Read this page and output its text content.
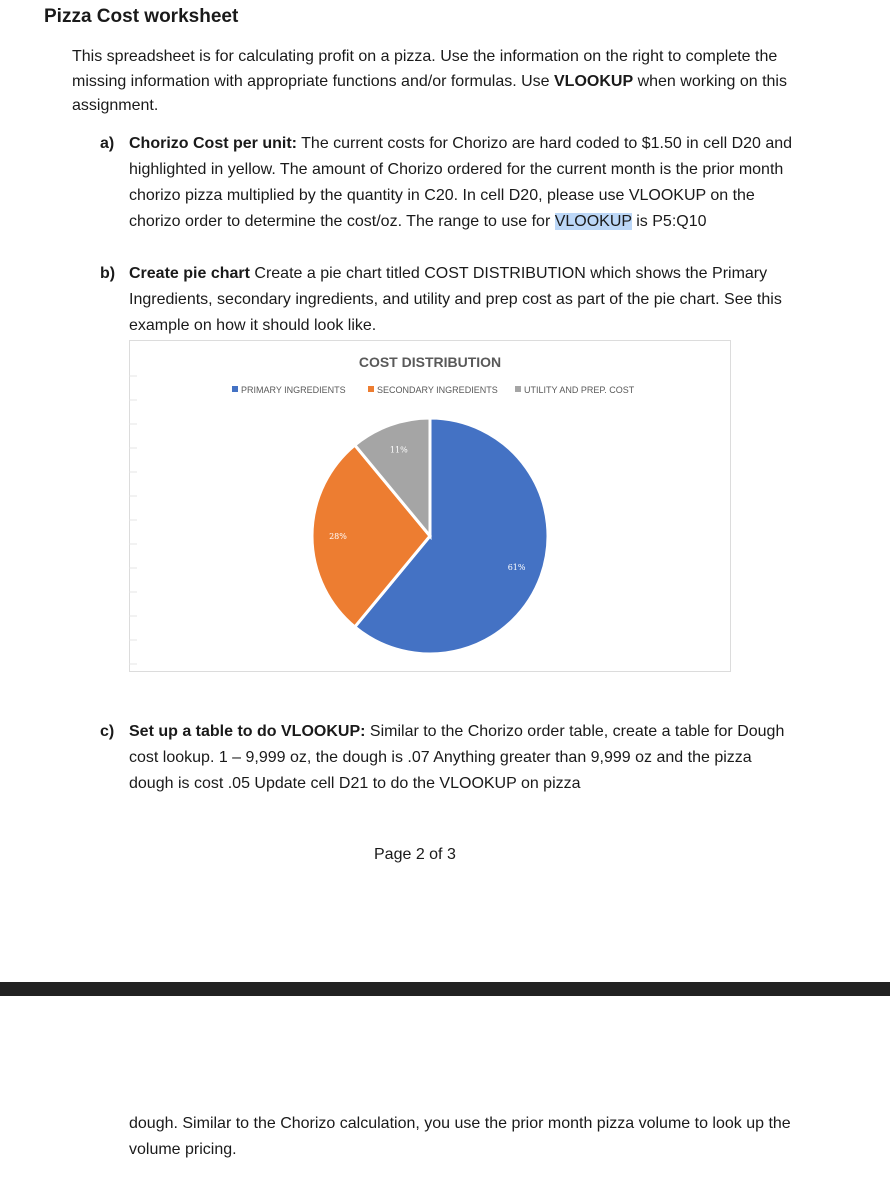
Pizza Cost worksheet
This spreadsheet is for calculating profit on a pizza. Use the information on the right to complete the missing information with appropriate functions and/or formulas. Use VLOOKUP when working on this assignment.
a) Chorizo Cost per unit: The current costs for Chorizo are hard coded to $1.50 in cell D20 and highlighted in yellow. The amount of Chorizo ordered for the current month is the prior month chorizo pizza multiplied by the quantity in C20. In cell D20, please use VLOOKUP on the chorizo order to determine the cost/oz. The range to use for VLOOKUP is P5:Q10
b) Create pie chart Create a pie chart titled COST DISTRIBUTION which shows the Primary Ingredients, secondary ingredients, and utility and prep cost as part of the pie chart. See this example on how it should look like.
COST DISTRIBUTION
PRIMARY INGREDIENTS	SECONDARY INGREDIENTS	UTILITY AND PREP. COST
61%
28%
11%
c) Set up a table to do VLOOKUP: Similar to the Chorizo order table, create a table for Dough cost lookup. 1 – 9,999 oz, the dough is .07 Anything greater than 9,999 oz and the pizza dough is cost .05 Update cell D21 to do the VLOOKUP on pizza
Page 2 of 3
dough. Similar to the Chorizo calculation, you use the prior month pizza volume to look up the volume pricing.
